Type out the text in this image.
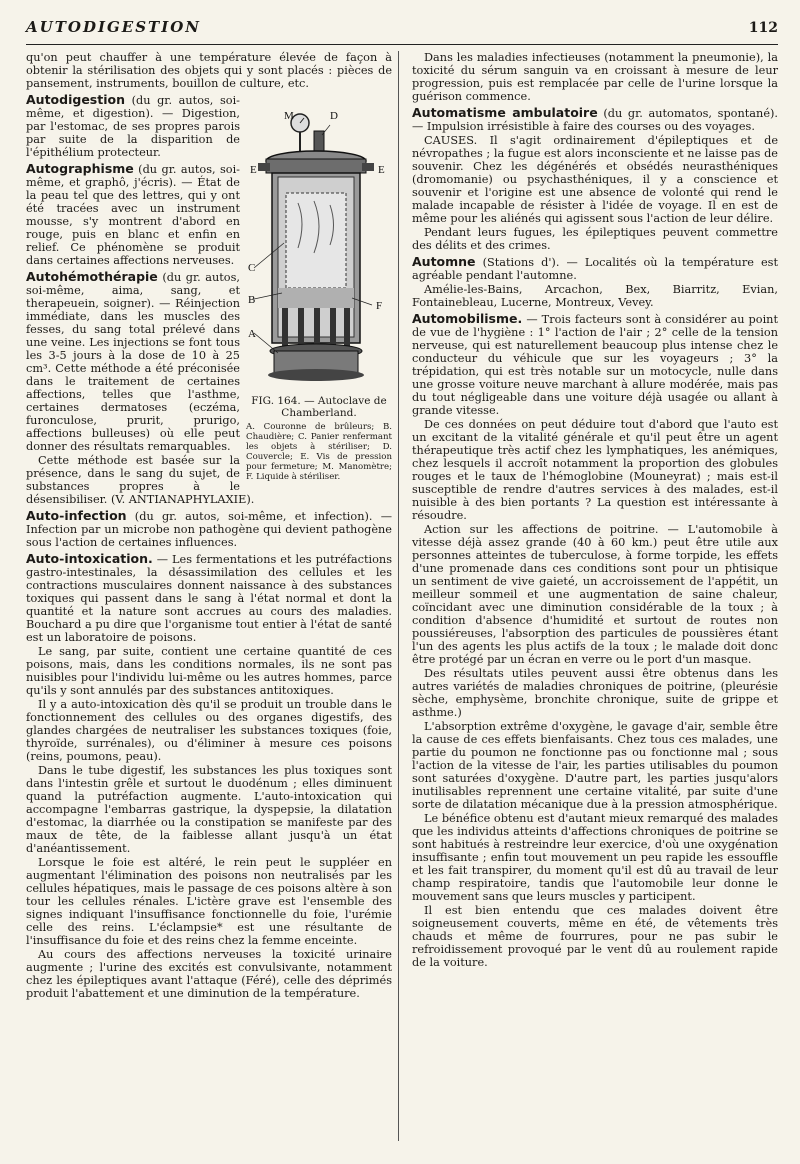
AUTODIGESTION	112

qu'on peut chauffer à une température élevée de façon à obtenir la stérilisation des objets qui y sont placés : pièces de pansement, instruments, bouillon de culture, etc.

M	D
E	E
C
B	F
A
FIG. 164. — Autoclave de Chamberland.
A. Couronne de brûleurs; B. Chaudière; C. Panier renfermant les objets à stériliser; D. Couvercle; E. Vis de pression pour fermeture; M. Manomètre; F. Liquide à stériliser.

Autodigestion (du gr. autos, soi-même, et digestion). — Digestion, par l'estomac, de ses propres parois par suite de la disparition de l'épithélium protecteur.

Autographisme (du gr. autos, soi-même, et graphô, j'écris). — État de la peau tel que des lettres, qui y ont été tracées avec un instrument mousse, s'y montrent d'abord en rouge, puis en blanc et enfin en relief. Ce phénomène se produit dans certaines affections nerveuses.

Autohémothérapie (du gr. autos, soi-même, aima, sang, et therapeuein, soigner). — Réinjection immédiate, dans les muscles des fesses, du sang total prélevé dans une veine. Les injections se font tous les 3-5 jours à la dose de 10 à 25 cm³. Cette méthode a été préconisée dans le traitement de certaines affections, telles que l'asthme, certaines dermatoses (eczéma, furonculose, prurit, prurigo, affections bulleuses) où elle peut donner des résultats remarquables.

Cette méthode est basée sur la présence, dans le sang du sujet, de substances propres à le désensibiliser. (V. ANTIANAPHYLAXIE).

Auto-infection (du gr. autos, soi-même, et infection). — Infection par un microbe non pathogène qui devient pathogène sous l'action de certaines influences.

Auto-intoxication. — Les fermentations et les putréfactions gastro-intestinales, la désassimilation des cellules et les contractions musculaires donnent naissance à des substances toxiques qui passent dans le sang à l'état normal et dont la quantité et la nature sont accrues au cours des maladies. Bouchard a pu dire que l'organisme tout entier à l'état de santé est un laboratoire de poisons.

Le sang, par suite, contient une certaine quantité de ces poisons, mais, dans les conditions normales, ils ne sont pas nuisibles pour l'individu lui-même ou les autres hommes, parce qu'ils y sont annulés par des substances antitoxiques.

Il y a auto-intoxication dès qu'il se produit un trouble dans le fonctionnement des cellules ou des organes digestifs, des glandes chargées de neutraliser les substances toxiques (foie, thyroïde, surrénales), ou d'éliminer à mesure ces poisons (reins, poumons, peau).

Dans le tube digestif, les substances les plus toxiques sont dans l'intestin grêle et surtout le duodénum ; elles diminuent quand la putréfaction augmente. L'auto-intoxication qui accompagne l'embarras gastrique, la dyspepsie, la dilatation d'estomac, la diarrhée ou la constipation se manifeste par des maux de tête, de la faiblesse allant jusqu'à un état d'anéantissement.

Lorsque le foie est altéré, le rein peut le suppléer en augmentant l'élimination des poisons non neutralisés par les cellules hépatiques, mais le passage de ces poisons altère à son tour les cellules rénales. L'ictère grave est l'ensemble des signes indiquant l'insuffisance fonctionnelle du foie, l'urémie celle des reins. L'éclampsie* est une résultante de l'insuffisance du foie et des reins chez la femme enceinte.

Au cours des affections nerveuses la toxicité urinaire augmente ; l'urine des excités est convulsivante, notamment chez les épileptiques avant l'attaque (Féré), celle des déprimés produit l'abattement et une diminution de la température.

Dans les maladies infectieuses (notamment la pneumonie), la toxicité du sérum sanguin va en croissant à mesure de leur progression, puis est remplacée par celle de l'urine lorsque la guérison commence.

Automatisme ambulatoire (du gr. automatos, spontané). — Impulsion irrésistible à faire des courses ou des voyages.

CAUSES. Il s'agit ordinairement d'épileptiques et de névropathes ; la fugue est alors inconsciente et ne laisse pas de souvenir. Chez les dégénérés et obsédés neurasthéniques (dromomanie) ou psychasthéniques, il y a conscience et souvenir et l'origine est une absence de volonté qui rend le malade incapable de résister à l'idée de voyage. Il en est de même pour les aliénés qui agissent sous l'action de leur délire.

Pendant leurs fugues, les épileptiques peuvent commettre des délits et des crimes.

Automne (Stations d'). — Localités où la température est agréable pendant l'automne.

Amélie-les-Bains, Arcachon, Bex, Biarritz, Evian, Fontainebleau, Lucerne, Montreux, Vevey.

Automobilisme. — Trois facteurs sont à considérer au point de vue de l'hygiène : 1° l'action de l'air ; 2° celle de la tension nerveuse, qui est naturellement beaucoup plus intense chez le conducteur du véhicule que sur les voyageurs ; 3° la trépidation, qui est très notable sur un motocycle, nulle dans une grosse voiture neuve marchant à allure modérée, mais pas du tout négligeable dans une voiture déjà usagée ou allant à grande vitesse.

De ces données on peut déduire tout d'abord que l'auto est un excitant de la vitalité générale et qu'il peut être un agent thérapeutique très actif chez les lymphatiques, les anémiques, chez lesquels il accroît notamment la proportion des globules rouges et le taux de l'hémoglobine (Mouneyrat) ; mais est-il susceptible de rendre d'autres services à des malades, est-il nuisible à des bien portants ? La question est intéressante à résoudre.

Action sur les affections de poitrine. — L'automobile à vitesse déjà assez grande (40 à 60 km.) peut être utile aux personnes atteintes de tuberculose, à forme torpide, les effets d'une promenade dans ces conditions sont pour un phtisique un sentiment de vive gaieté, un accroissement de l'appétit, un meilleur sommeil et une augmentation de saine chaleur, coïncidant avec une diminution considérable de la toux ; à condition d'absence d'humidité et surtout de routes non poussiéreuses, l'absorption des particules de poussières étant l'un des agents les plus actifs de la toux ; le malade doit donc être protégé par un écran en verre ou le port d'un masque.

Des résultats utiles peuvent aussi être obtenus dans les autres variétés de maladies chroniques de poitrine, (pleurésie sèche, emphysème, bronchite chronique, suite de grippe et asthme.)

L'absorption extrême d'oxygène, le gavage d'air, semble être la cause de ces effets bienfaisants. Chez tous ces malades, une partie du poumon ne fonctionne pas ou fonctionne mal ; sous l'action de la vitesse de l'air, les parties utilisables du poumon sont saturées d'oxygène. D'autre part, les parties jusqu'alors inutilisables reprennent une certaine vitalité, par suite d'une sorte de dilatation mécanique due à la pression atmosphérique.

Le bénéfice obtenu est d'autant mieux remarqué des malades que les individus atteints d'affections chroniques de poitrine se sont habitués à restreindre leur exercice, d'où une oxygénation insuffisante ; enfin tout mouvement un peu rapide les essouffle et les fait transpirer, du moment qu'il est dû au travail de leur champ respiratoire, tandis que l'automobile leur donne le mouvement sans que leurs muscles y participent.

Il est bien entendu que ces malades doivent être soigneusement couverts, même en été, de vêtements très chauds et même de fourrures, pour ne pas subir le refroidissement provoqué par le vent dû au roulement rapide de la voiture.
